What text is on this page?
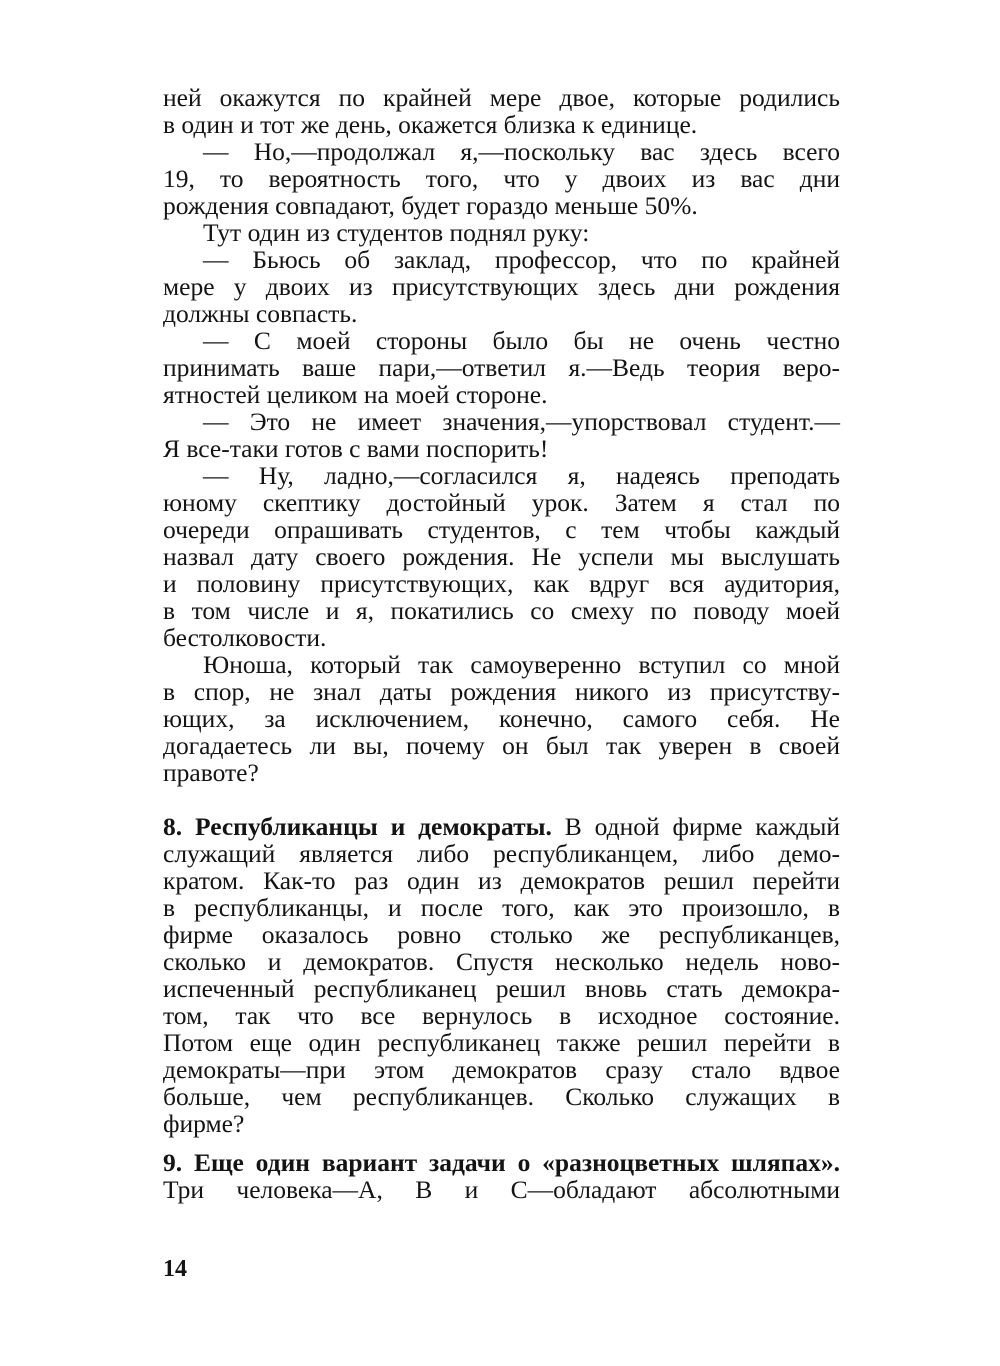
ней окажутся по крайней мере двое, которые родились
в один и тот же день, окажется близка к единице.
— Но,—продолжал я,—поскольку вас здесь всего
19, то вероятность того, что у двоих из вас дни
рождения совпадают, будет гораздо меньше 50%.
Тут один из студентов поднял руку:
— Бьюсь об заклад, профессор, что по крайней
мере у двоих из присутствующих здесь дни рождения
должны совпасть.
— С моей стороны было бы не очень честно
принимать ваше пари,—ответил я.—Ведь теория веро-
ятностей целиком на моей стороне.
— Это не имеет значения,—упорствовал студент.—
Я все-таки готов с вами поспорить!
— Ну, ладно,—согласился я, надеясь преподать
юному скептику достойный урок. Затем я стал по
очереди опрашивать студентов, с тем чтобы каждый
назвал дату своего рождения. Не успели мы выслушать
и половину присутствующих, как вдруг вся аудитория,
в том числе и я, покатились со смеху по поводу моей
бестолковости.
Юноша, который так самоуверенно вступил со мной
в спор, не знал даты рождения никого из присутству-
ющих, за исключением, конечно, самого себя. Не
догадаетесь ли вы, почему он был так уверен в своей
правоте?
8. Республиканцы и демократы. В одной фирме каждый
служащий является либо республиканцем, либо демо-
кратом. Как-то раз один из демократов решил перейти
в республиканцы, и после того, как это произошло, в
фирме оказалось ровно столько же республиканцев,
сколько и демократов. Спустя несколько недель ново-
испеченный республиканец решил вновь стать демокра-
том, так что все вернулось в исходное состояние.
Потом еще один республиканец также решил перейти в
демократы—при этом демократов сразу стало вдвое
больше, чем республиканцев. Сколько служащих в
фирме?
9. Еще один вариант задачи о «разноцветных шляпах».
Три человека—А, В и С—обладают абсолютными
14
